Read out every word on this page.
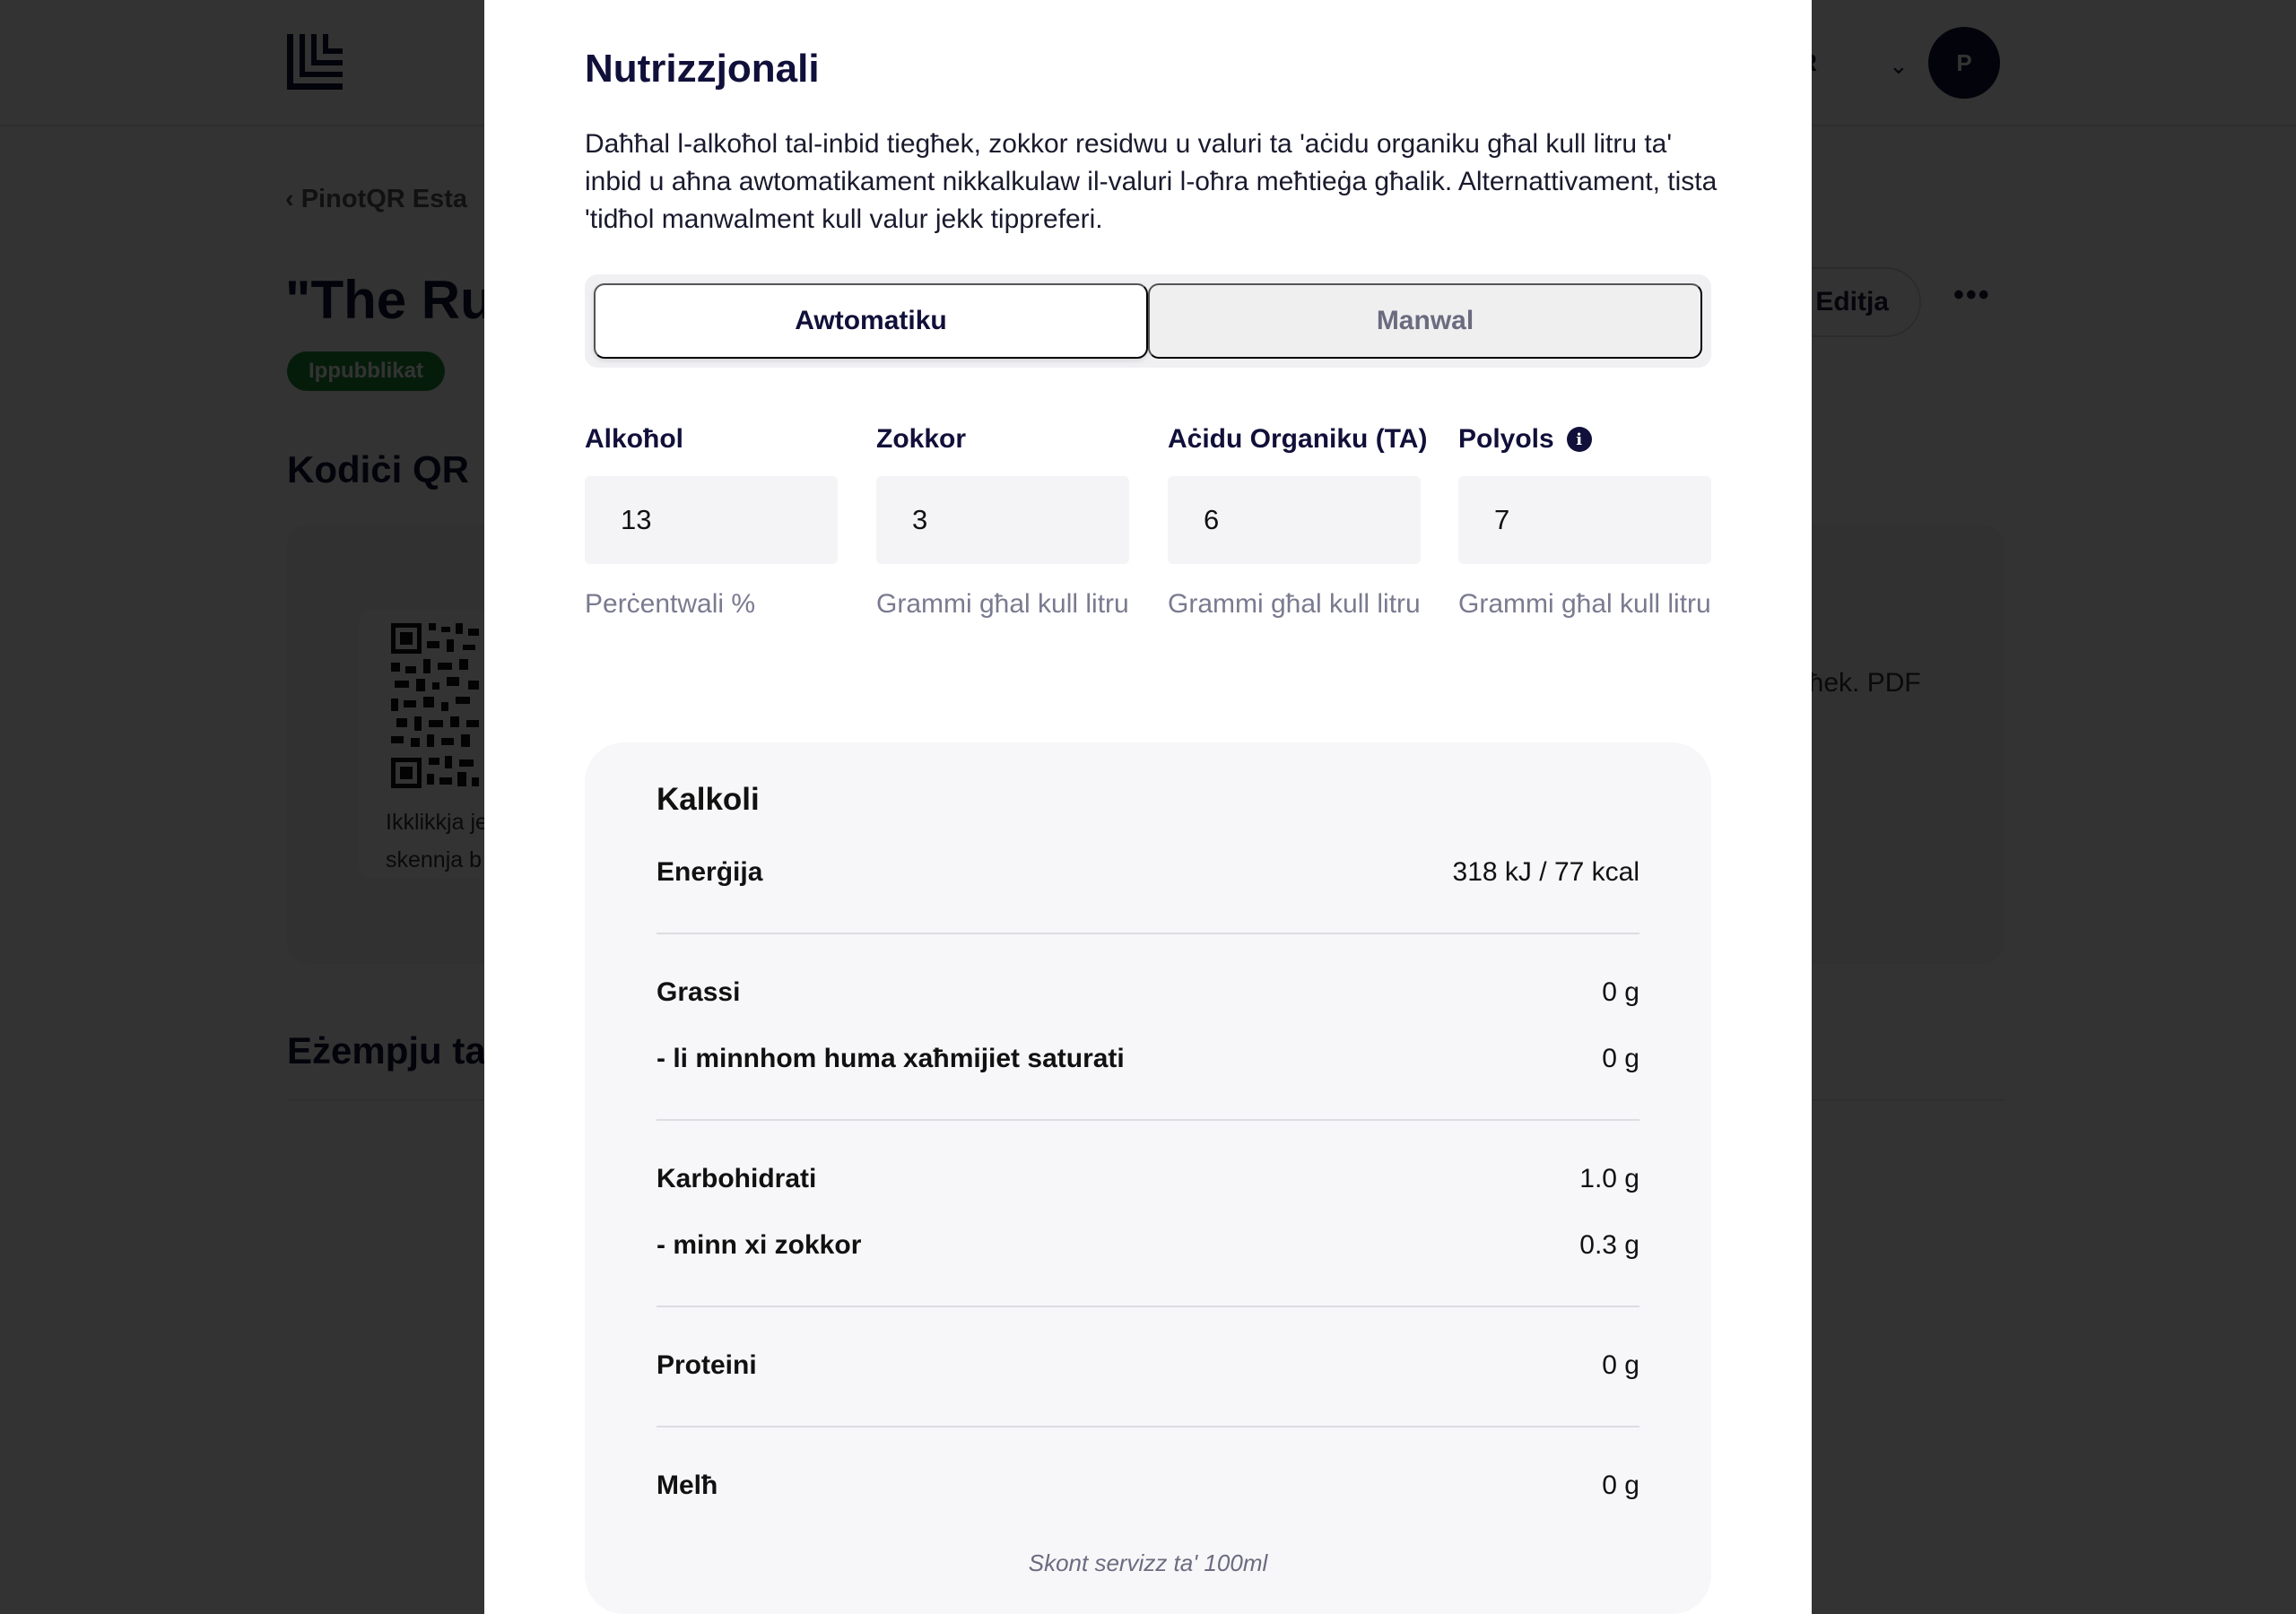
Nutrizzjonali

Daħħal l-alkoħol tal-inbid tiegħek, zokkor residwu u valuri ta 'aċidu organiku għal kull litru ta' inbid u aħna awtomatikament nikkalkulaw il-valuri l-oħra meħtieġa għalik. Alternattivament, tista 'tidħol manwalment kull valur jekk tippreferi.

Awtomatiku	Manwal
Alkoħol
13
Perċentwali %
Zokkor
3
Grammi għal kull litru
Aċidu Organiku (TA)
6
Grammi għal kull litru
Polyols	i
7
Grammi għal kull litru
Kalkoli
Enerġija	318 kJ / 77 kcal
Grassi	0 g
- li minnhom huma xaħmijiet saturati	0 g
Karbohidrati	1.0 g
- minn xi zokkor	0.3 g
Proteini	0 g
Melħ	0 g
Skont servizz ta' 100ml
